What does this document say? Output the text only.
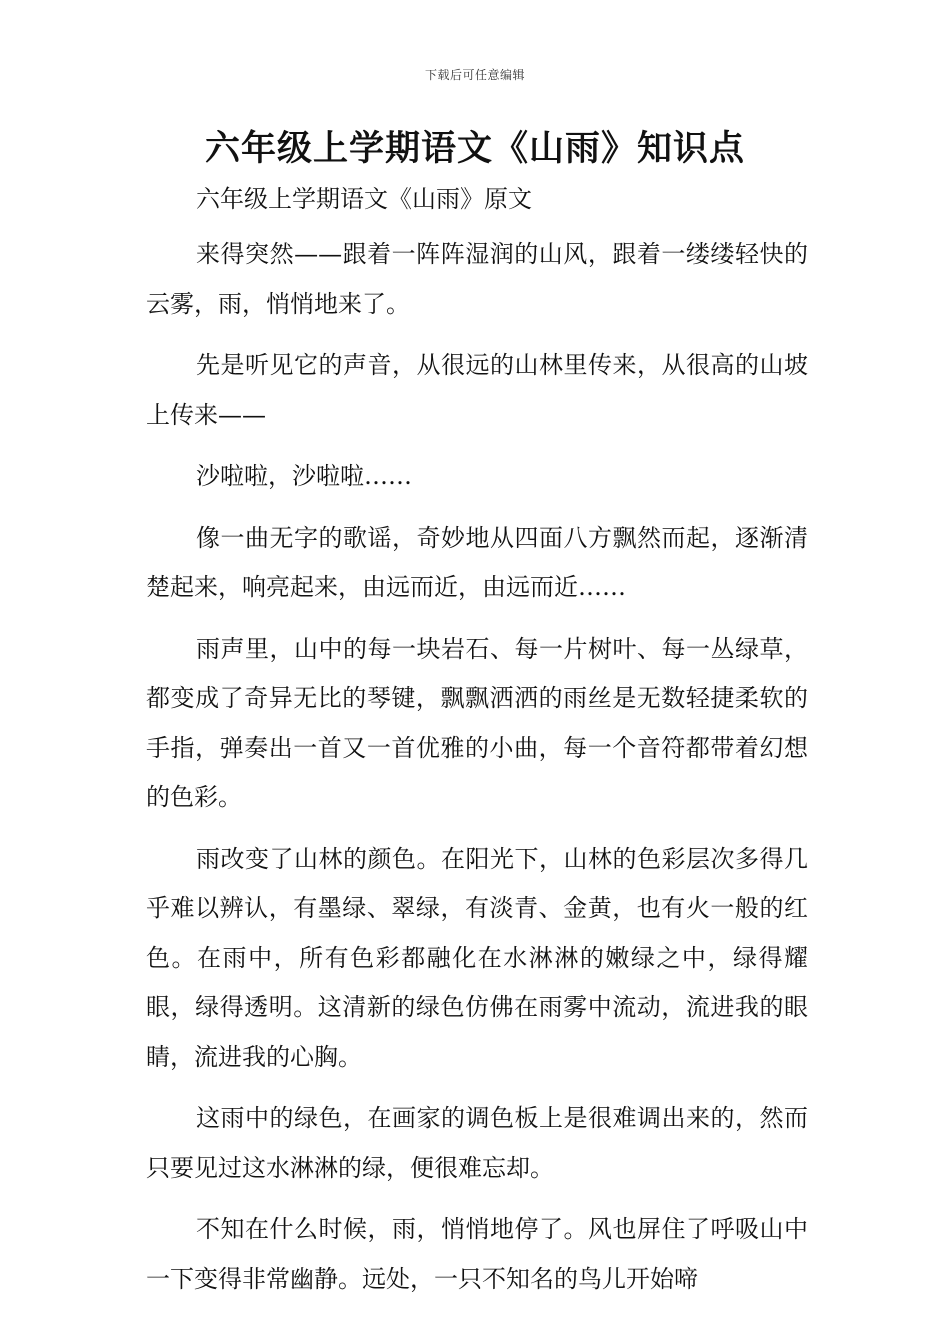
下载后可任意编辑
六年级上学期语文《山雨》知识点

六年级上学期语文《山雨》原文

来得突然——跟着一阵阵湿润的山风，跟着一缕缕轻快的云雾，雨，悄悄地来了。

先是听见它的声音，从很远的山林里传来，从很高的山坡上传来——

沙啦啦，沙啦啦……

像一曲无字的歌谣，奇妙地从四面八方飘然而起，逐渐清楚起来，响亮起来，由远而近，由远而近……

雨声里，山中的每一块岩石、每一片树叶、每一丛绿草，都变成了奇异无比的琴键，飘飘洒洒的雨丝是无数轻捷柔软的手指，弹奏出一首又一首优雅的小曲，每一个音符都带着幻想的色彩。

雨改变了山林的颜色。在阳光下，山林的色彩层次多得几乎难以辨认，有墨绿、翠绿，有淡青、金黄，也有火一般的红色。在雨中，所有色彩都融化在水淋淋的嫩绿之中，绿得耀眼，绿得透明。这清新的绿色仿佛在雨雾中流动，流进我的眼睛，流进我的心胸。

这雨中的绿色，在画家的调色板上是很难调出来的，然而只要见过这水淋淋的绿，便很难忘却。

不知在什么时候，雨，悄悄地停了。风也屏住了呼吸山中一下变得非常幽静。远处，一只不知名的鸟儿开始啼
